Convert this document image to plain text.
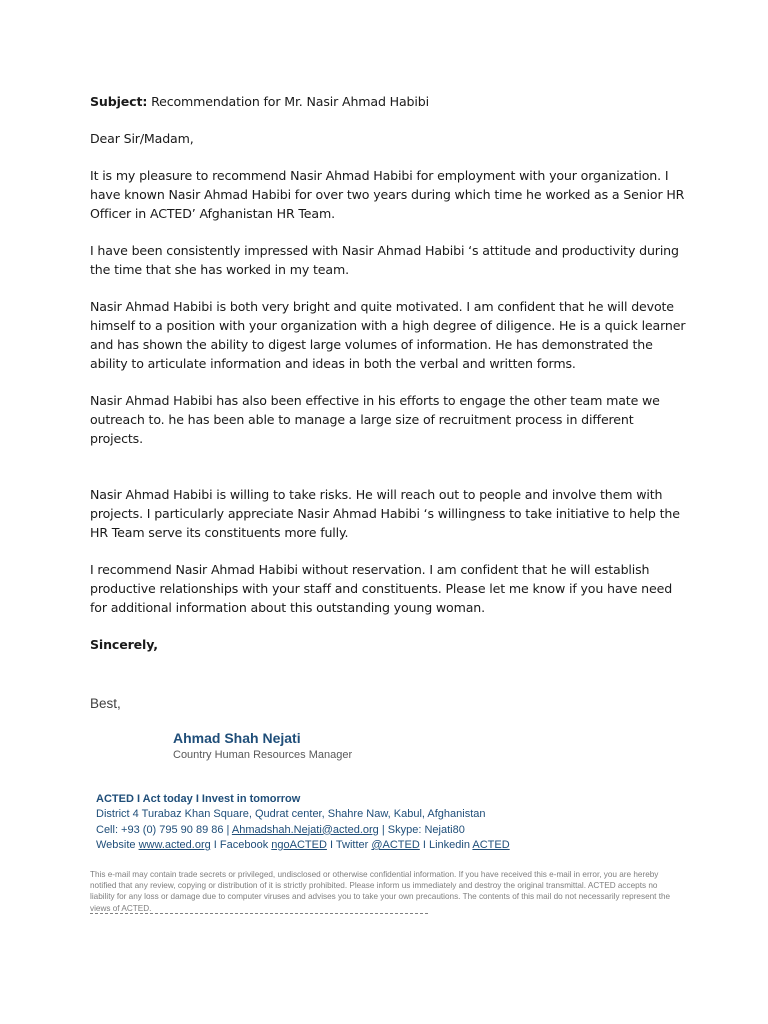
Subject: Recommendation for Mr. Nasir Ahmad Habibi

Dear Sir/Madam,

It is my pleasure to recommend Nasir Ahmad Habibi for employment with your organization. I have known Nasir Ahmad Habibi for over two years during which time he worked as a Senior HR Officer in ACTED’ Afghanistan HR Team.

I have been consistently impressed with Nasir Ahmad Habibi ‘s attitude and productivity during the time that she has worked in my team.

Nasir Ahmad Habibi is both very bright and quite motivated. I am confident that he will devote himself to a position with your organization with a high degree of diligence. He is a quick learner and has shown the ability to digest large volumes of information. He has demonstrated the ability to articulate information and ideas in both the verbal and written forms.

Nasir Ahmad Habibi has also been effective in his efforts to engage the other team mate we outreach to. he has been able to manage a large size of recruitment process in different projects.

Nasir Ahmad Habibi is willing to take risks. He will reach out to people and involve them with projects. I particularly appreciate Nasir Ahmad Habibi ‘s willingness to take initiative to help the HR Team serve its constituents more fully.

I recommend Nasir Ahmad Habibi without reservation. I am confident that he will establish productive relationships with your staff and constituents. Please let me know if you have need for additional information about this outstanding young woman.

Sincerely,

Best,
Ahmad Shah Nejati
Country Human Resources Manager
ACTED I Act today I Invest in tomorrow
District 4 Turabaz Khan Square, Qudrat center, Shahre Naw, Kabul, Afghanistan
Cell: +93 (0) 795 90 89 86 | Ahmadshah.Nejati@acted.org | Skype: Nejati80
Website www.acted.org I Facebook ngoACTED I Twitter @ACTED I Linkedin ACTED
This e-mail may contain trade secrets or privileged, undisclosed or otherwise confidential information. If you have received this e-mail in error, you are hereby notified that any review, copying or distribution of it is strictly prohibited. Please inform us immediately and destroy the original transmittal. ACTED accepts no liability for any loss or damage due to computer viruses and advises you to take your own precautions. The contents of this mail do not necessarily represent the views of ACTED.
